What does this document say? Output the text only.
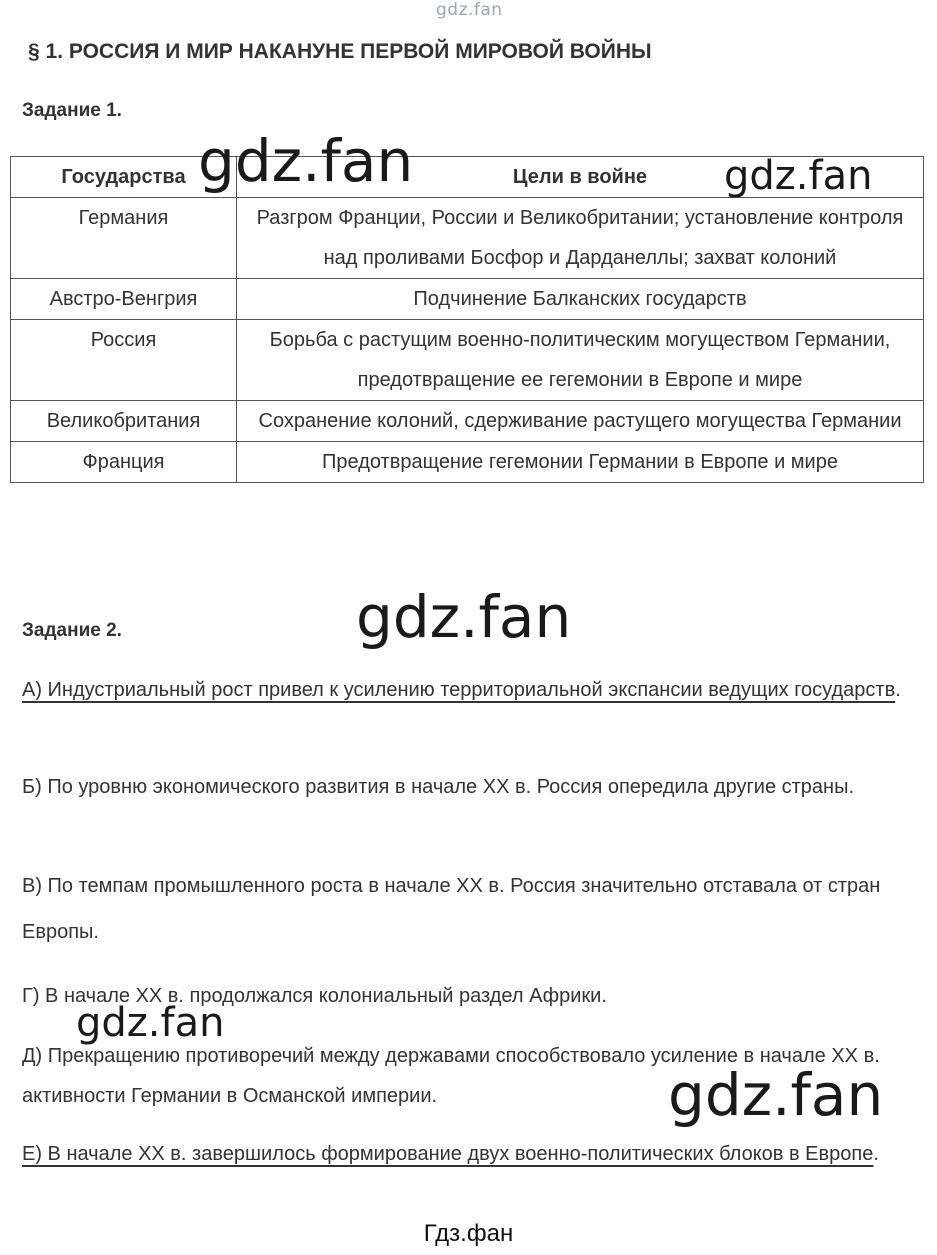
gdz.fan
§ 1. РОССИЯ И МИР НАКАНУНЕ ПЕРВОЙ МИРОВОЙ ВОЙНЫ
Задание 1.
Государства	Цели в войне
Германия	Разгром Франции, России и Великобритании; установление контроля над проливами Босфор и Дарданеллы; захват колоний
Австро-Венгрия	Подчинение Балканских государств
Россия	Борьба с растущим военно-политическим могуществом Германии, предотвращение ее гегемонии в Европе и мире
Великобритания	Сохранение колоний, сдерживание растущего могущества Германии
Франция	Предотвращение гегемонии Германии в Европе и мире
gdz.fan	gdz.fan
Задание 2.	gdz.fan
А) Индустриальный рост привел к усилению территориальной экспансии ведущих государств.
Б) По уровню экономического развития в начале XX в. Россия опередила другие страны.
В) По темпам промышленного роста в начале XX в. Россия значительно отставала от стран Европы.
Г) В начале XX в. продолжался колониальный раздел Африки.
gdz.fan
Д) Прекращению противоречий между державами способствовало усиление в начале XX в. активности Германии в Османской империи.	gdz.fan
Е) В начале XX в. завершилось формирование двух военно-политических блоков в Европе.
Гдз.фан
